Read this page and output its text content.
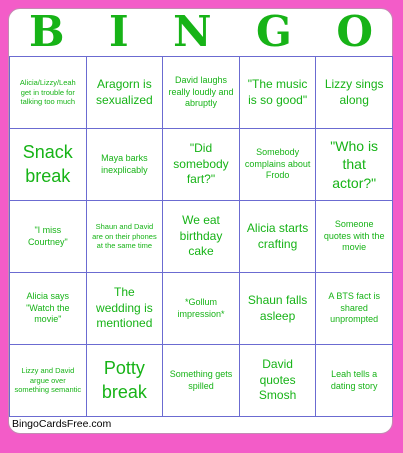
B I N G O
Alicia/Lizzy/Leah get in trouble for talking too much
Aragorn is sexualized
David laughs really loudly and abruptly
"The music is so good"
Lizzy sings along
Snack break
Maya barks inexplicably
"Did somebody fart?"
Somebody complains about Frodo
"Who is that actor?"
"I miss Courtney"
Shaun and David are on their phones at the same time
We eat birthday cake
Alicia starts crafting
Someone quotes with the movie
Alicia says "Watch the movie"
The wedding is mentioned
*Gollum impression*
Shaun falls asleep
A BTS fact is shared unprompted
Lizzy and David argue over something semantic
Potty break
Something gets spilled
David quotes Smosh
Leah tells a dating story
BingoCardsFree.com
